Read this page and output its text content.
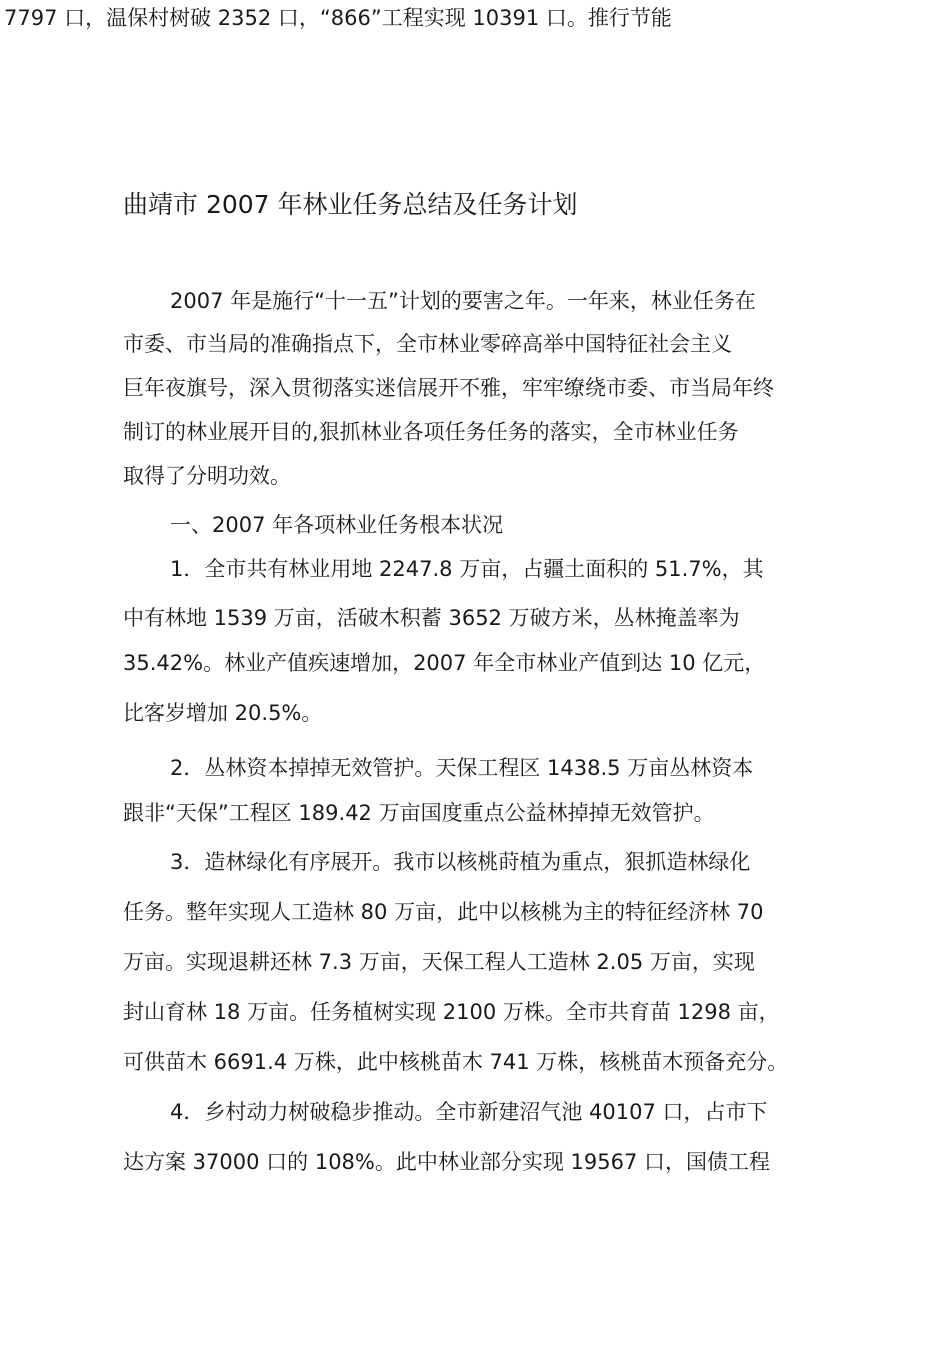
7797 口，温保村树破 2352 口，“866”工程实现 10391 口。推行节能

曲靖市 2007 年林业任务总结及任务计划

2007 年是施行“十一五”计划的要害之年。一年来，林业任务在

市委、市当局的准确指点下，全市林业零碎高举中国特征社会主义

巨年夜旗号，深入贯彻落实迷信展开不雅，牢牢缭绕市委、市当局年终

制订的林业展开目的,狠抓林业各项任务任务的落实，全市林业任务

取得了分明功效。

一、2007 年各项林业任务根本状况

1．全市共有林业用地 2247.8 万亩，占疆土面积的 51.7%，其

中有林地 1539 万亩，活破木积蓄 3652 万破方米，丛林掩盖率为

35.42%。林业产值疾速增加，2007 年全市林业产值到达 10 亿元，

比客岁增加 20.5%。

2．丛林资本掉掉无效管护。天保工程区 1438.5 万亩丛林资本

跟非“天保”工程区 189.42 万亩国度重点公益林掉掉无效管护。

3．造林绿化有序展开。我市以核桃莳植为重点，狠抓造林绿化

任务。整年实现人工造林 80 万亩，此中以核桃为主的特征经济林 70

万亩。实现退耕还林 7.3 万亩，天保工程人工造林 2.05 万亩，实现

封山育林 18 万亩。任务植树实现 2100 万株。全市共育苗 1298 亩，

可供苗木 6691.4 万株，此中核桃苗木 741 万株，核桃苗木预备充分。

4．乡村动力树破稳步推动。全市新建沼气池 40107 口，占市下

达方案 37000 口的 108%。此中林业部分实现 19567 口，国债工程
